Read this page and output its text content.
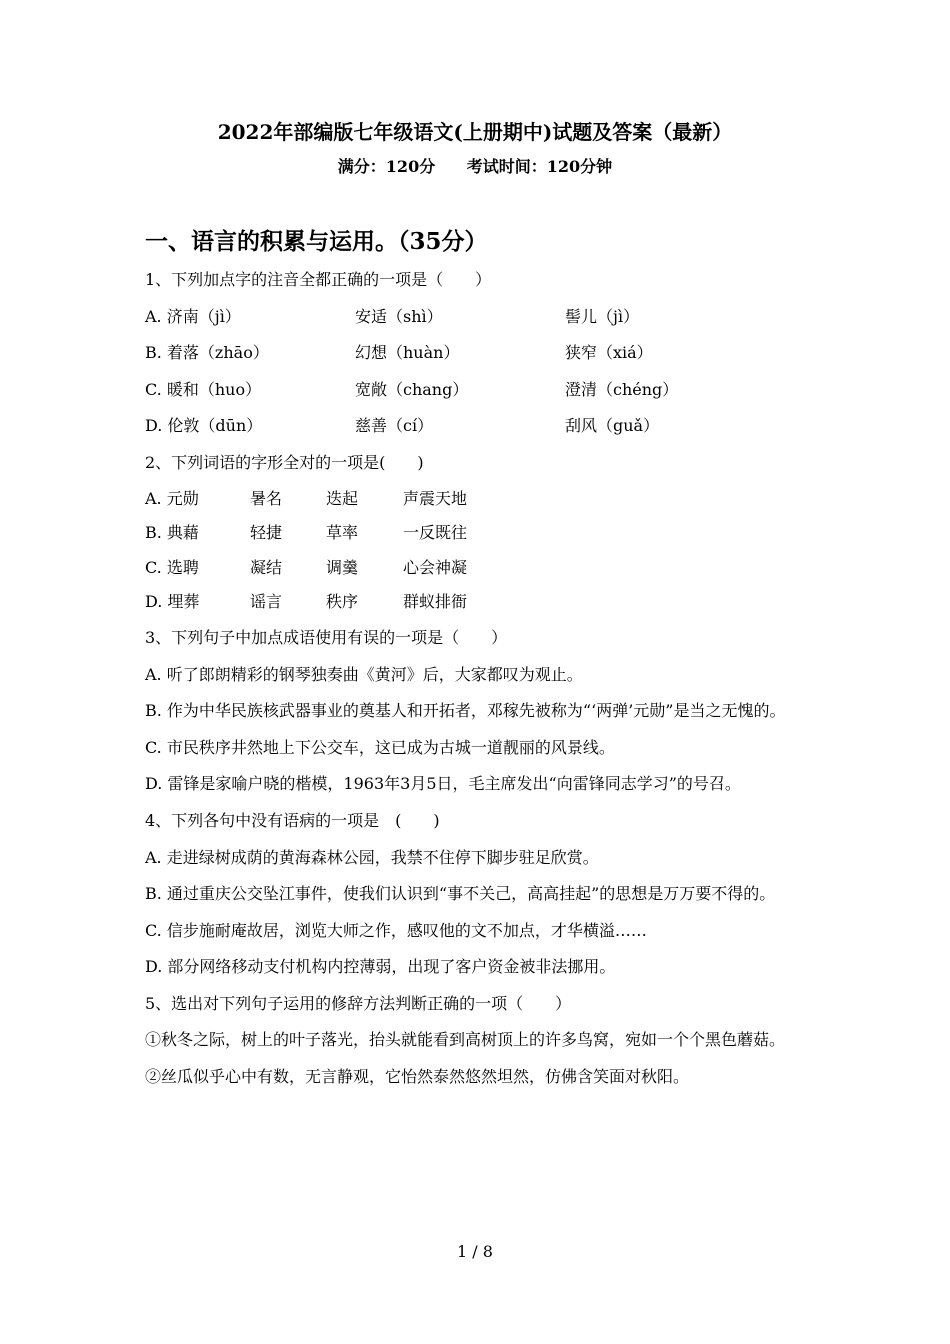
2022年部编版七年级语文(上册期中)试题及答案（最新）
满分：120分 考试时间：120分钟
一、语言的积累与运用。（35分）
1、下列加点字的注音全都正确的一项是（　　）
A. 济南（jì）	安适（shì）	髻儿（jì）
B. 着落（zhāo）	幻想（huàn）	狭窄（xiá）
C. 暖和（huo）	宽敞（chang）	澄清（chéng）
D. 伦敦（dūn）	慈善（cí）	刮风（guǎ）
2、下列词语的字形全对的一项是(　　)
A. 元勋	暑名	迭起	声震天地
B. 典藉	轻捷	草率	一反既往
C. 选聘	凝结	调羹	心会神凝
D. 埋葬	谣言	秩序	群蚁排衙
3、下列句子中加点成语使用有误的一项是（　　）
A. 听了郎朗精彩的钢琴独奏曲《黄河》后，大家都叹为观止。
B. 作为中华民族核武器事业的奠基人和开拓者，邓稼先被称为“‘两弹’元勋”是当之无愧的。
C. 市民秩序井然地上下公交车，这已成为古城一道靓丽的风景线。
D. 雷锋是家喻户晓的楷模，1963年3月5日，毛主席发出“向雷锋同志学习”的号召。
4、下列各句中没有语病的一项是　(　　)
A. 走进绿树成荫的黄海森林公园，我禁不住停下脚步驻足欣赏。
B. 通过重庆公交坠江事件，使我们认识到“事不关己，高高挂起”的思想是万万要不得的。
C. 信步施耐庵故居，浏览大师之作，感叹他的文不加点，才华横溢……
D. 部分网络移动支付机构内控薄弱，出现了客户资金被非法挪用。
5、选出对下列句子运用的修辞方法判断正确的一项（　　）
①秋冬之际，树上的叶子落光，抬头就能看到高树顶上的许多鸟窝，宛如一个个黑色蘑菇。
②丝瓜似乎心中有数，无言静观，它怡然泰然悠然坦然，仿佛含笑面对秋阳。
1 / 8
